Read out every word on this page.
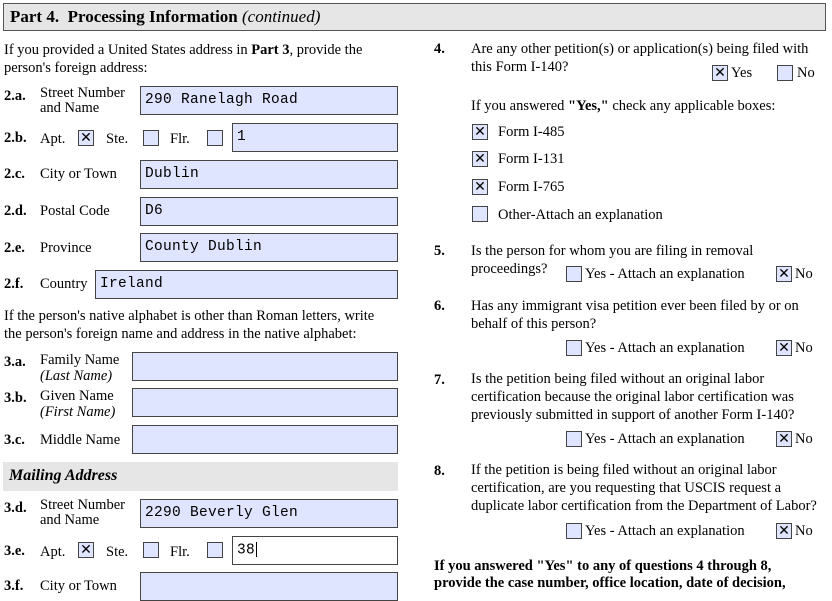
Part 4. Processing Information (continued)
If you provided a United States address in Part 3, provide the
person's foreign address:
2.a. Street Number
and Name	290 Ranelagh Road
2.b. Apt. ✕	Ste.	Flr.	1
2.c. City or Town	Dublin
2.d. Postal Code	D6
2.e. Province	County Dublin
2.f. Country Ireland
If the person's native alphabet is other than Roman letters, write
the person's foreign name and address in the native alphabet:
3.a. Family Name
(Last Name)
3.b. Given Name
(First Name)
3.c. Middle Name
Mailing Address
3.d. Street Number
and Name	2290 Beverly Glen
3.e. Apt. ✕	Ste.	Flr.	38
3.f. City or Town
4. Are any other petition(s) or application(s) being filed with
this Form I-140? ✕	Yes	No
If you answered "Yes," check any applicable boxes:
✕
Form I-485
✕
Form I-131
✕
Form I-765
Other-Attach an explanation
5. Is the person for whom you are filing in removal
proceedings?	Yes - Attach an explanation ✕	No
6. Has any immigrant visa petition ever been filed by or on
behalf of this person?
Yes - Attach an explanation ✕	No
7. Is the petition being filed without an original labor
certification because the original labor certification was
previously submitted in support of another Form I-140?
Yes - Attach an explanation ✕	No
8. If the petition is being filed without an original labor
certification, are you requesting that USCIS request a
duplicate labor certification from the Department of Labor?
Yes - Attach an explanation ✕	No
If you answered "Yes" to any of questions 4 through 8,
provide the case number, office location, date of decision,
